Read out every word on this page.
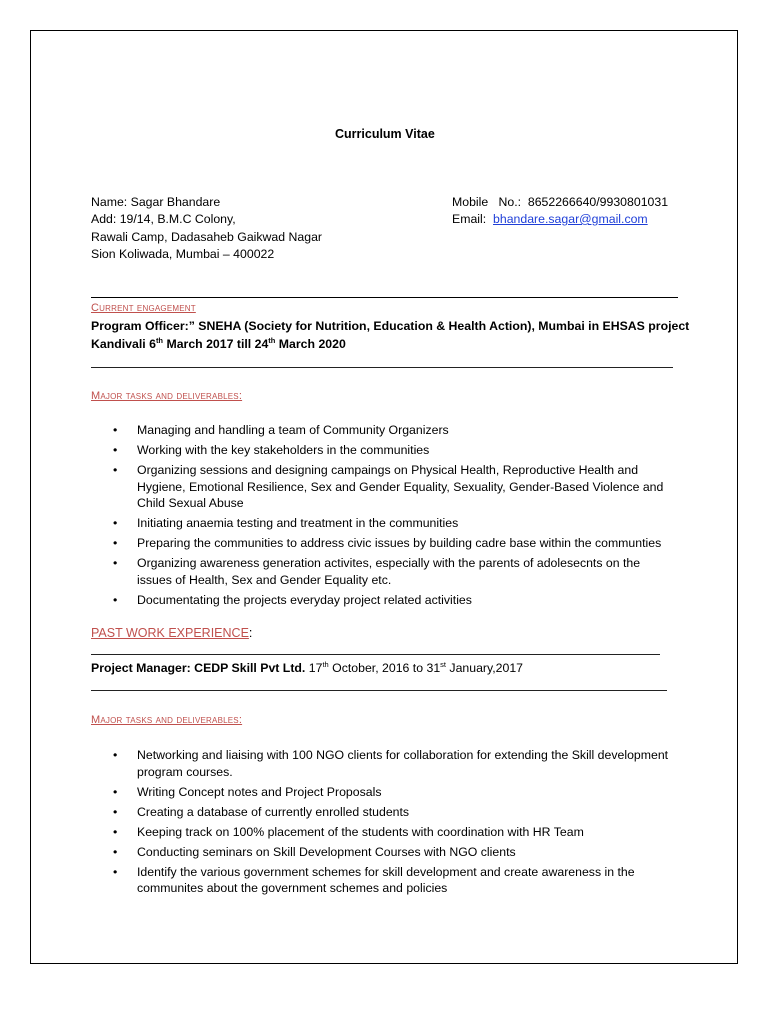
Curriculum Vitae
Name: Sagar Bhandare
Add: 19/14, B.M.C Colony,
Rawali Camp, Dadasaheb Gaikwad Nagar
Sion Koliwada, Mumbai – 400022
Mobile   No.:  8652266640/9930801031
Email: bhandare.sagar@gmail.com
Current engagement
Program Officer:” SNEHA (Society for Nutrition, Education & Health Action), Mumbai in EHSAS project
Kandivali 6th March 2017 till 24th March 2020
Major tasks and deliverables:
• Managing and handling a team of Community Organizers
• Working with the key stakeholders in the communities
• Organizing sessions and designing campaings on Physical Health, Reproductive Health and Hygiene, Emotional Resilience, Sex and Gender Equality, Sexuality, Gender-Based Violence and Child Sexual Abuse
• Initiating anaemia testing and treatment in the communities
• Preparing the communities to address civic issues by building cadre base within the communties
• Organizing awareness generation activites, especially with the parents of adolesecnts on the issues of Health, Sex and Gender Equality etc.
• Documentating the projects everyday project related activities
PAST WORK EXPERIENCE:
Project Manager: CEDP Skill Pvt Ltd. 17th October, 2016 to 31st January,2017
Major tasks and deliverables:
• Networking and liaising with 100 NGO clients for collaboration for extending the Skill development program courses.
• Writing Concept notes and Project Proposals
• Creating a database of currently enrolled students
• Keeping track on 100% placement of the students with coordination with HR Team
• Conducting seminars on Skill Development Courses with NGO clients
• Identify the various government schemes for skill development and create awareness in the communites about the government schemes and policies
